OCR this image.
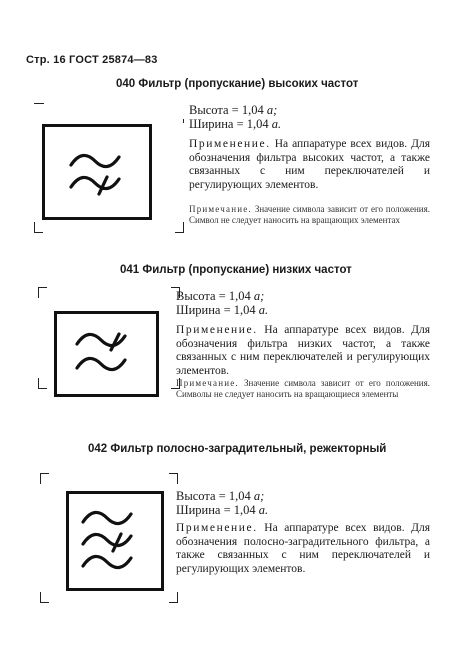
Стр. 16 ГОСТ 25874—83
040 Фильтр (пропускание) высоких частот
Высота = 1,04 а;
Ширина = 1,04 а.
Применение. На аппаратуре всех видов. Для обозначения фильтра высоких частот, а также связанных с ним переключателей и регулирующих элементов.
Примечание. Значение символа зависит от его положения. Символ не следует наносить на вращающих элементах
041 Фильтр (пропускание) низких частот
Высота = 1,04 а;
Ширина = 1,04 а.
Применение. На аппаратуре всех видов. Для обозначения фильтра низких частот, а также связанных с ним переключателей и регулирующих элементов.
Примечание. Значение символа зависит от его положения. Символы не следует наносить на вращающиеся элементы
042 Фильтр полосно-заградительный, режекторный
Высота = 1,04 а;
Ширина = 1,04 а.
Применение. На аппаратуре всех видов. Для обозначения полосно-заградительного фильтра, а также связанных с ним переключателей и регулирующих элементов.
